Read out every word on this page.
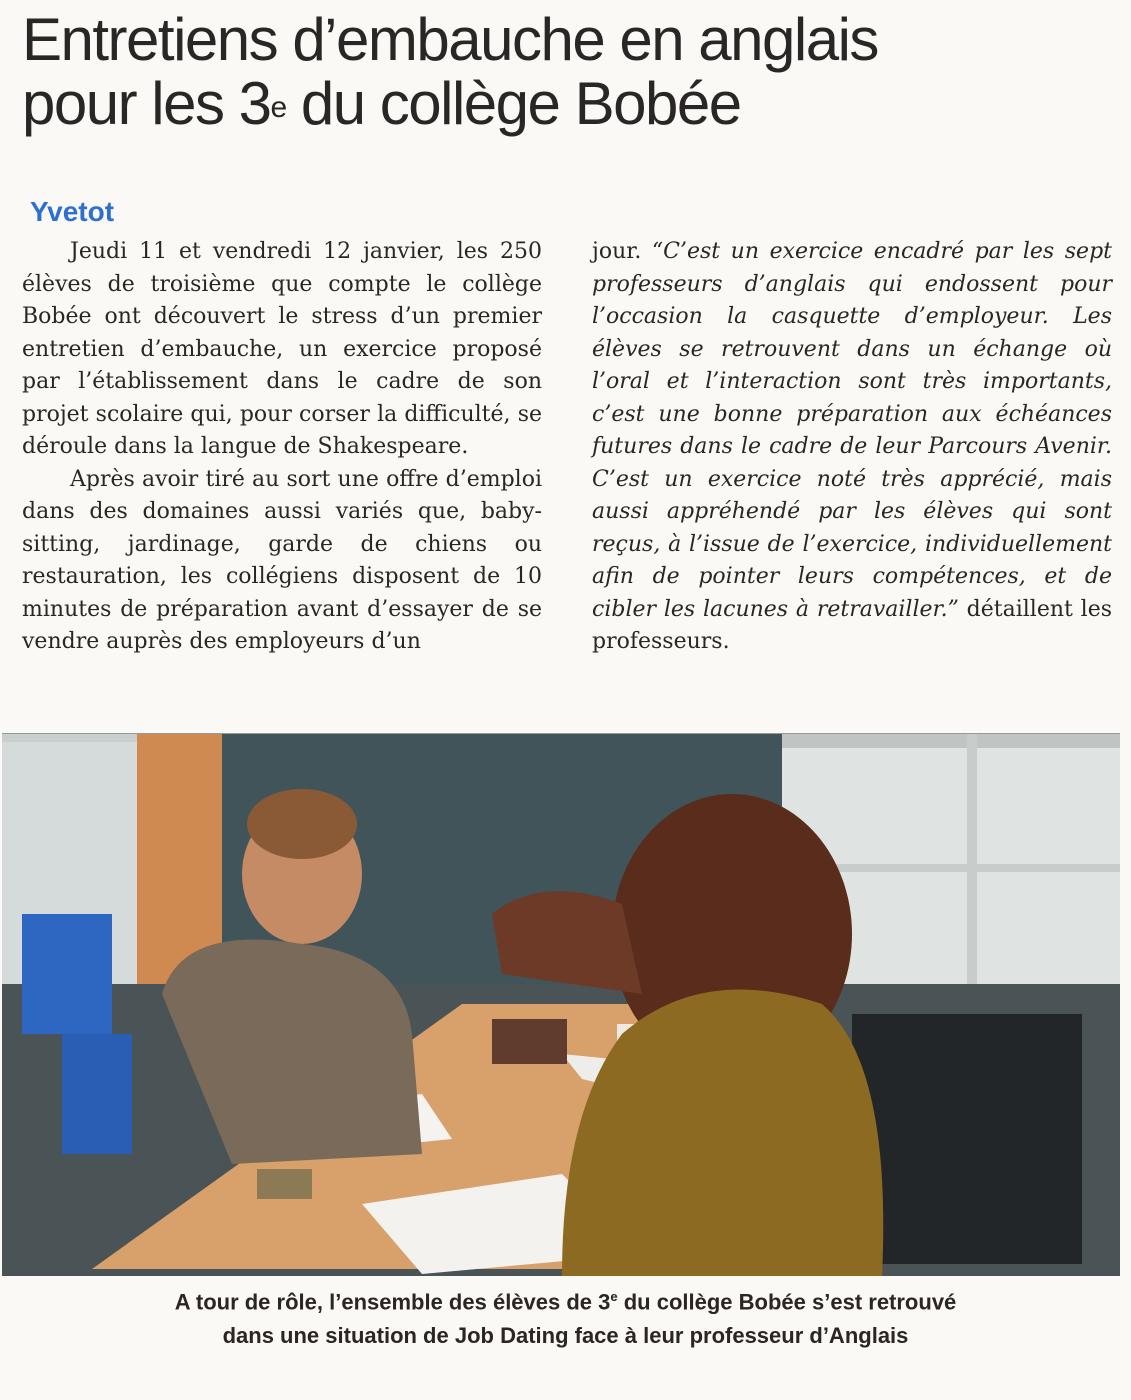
Entretiens d’embauche en anglais
pour les 3e du collège Bobée
Yvetot

Jeudi 11 et vendredi 12 janvier, les 250 élèves de troisième que compte le collège Bobée ont découvert le stress d’un premier entretien d’embauche, un exercice proposé par l’établissement dans le cadre de son projet scolaire qui, pour corser la difficulté, se déroule dans la langue de Shakespeare.

Après avoir tiré au sort une offre d’emploi dans des domaines aussi variés que, baby-sitting, jardinage, garde de chiens ou restauration, les collégiens disposent de 10 minutes de préparation avant d’essayer de se vendre auprès des employeurs d’un

jour. “C’est un exercice encadré par les sept professeurs d’anglais qui endossent pour l’occasion la casquette d’employeur. Les élèves se retrouvent dans un échange où l’oral et l’interaction sont très importants, c’est une bonne préparation aux échéances futures dans le cadre de leur Parcours Avenir. C’est un exercice noté très apprécié, mais aussi appréhendé par les élèves qui sont reçus, à l’issue de l’exercice, individuellement afin de pointer leurs compétences, et de cibler les lacunes à retravailler.” détaillent les professeurs.

A tour de rôle, l’ensemble des élèves de 3e du collège Bobée s’est retrouvé
dans une situation de Job Dating face à leur professeur d’Anglais
